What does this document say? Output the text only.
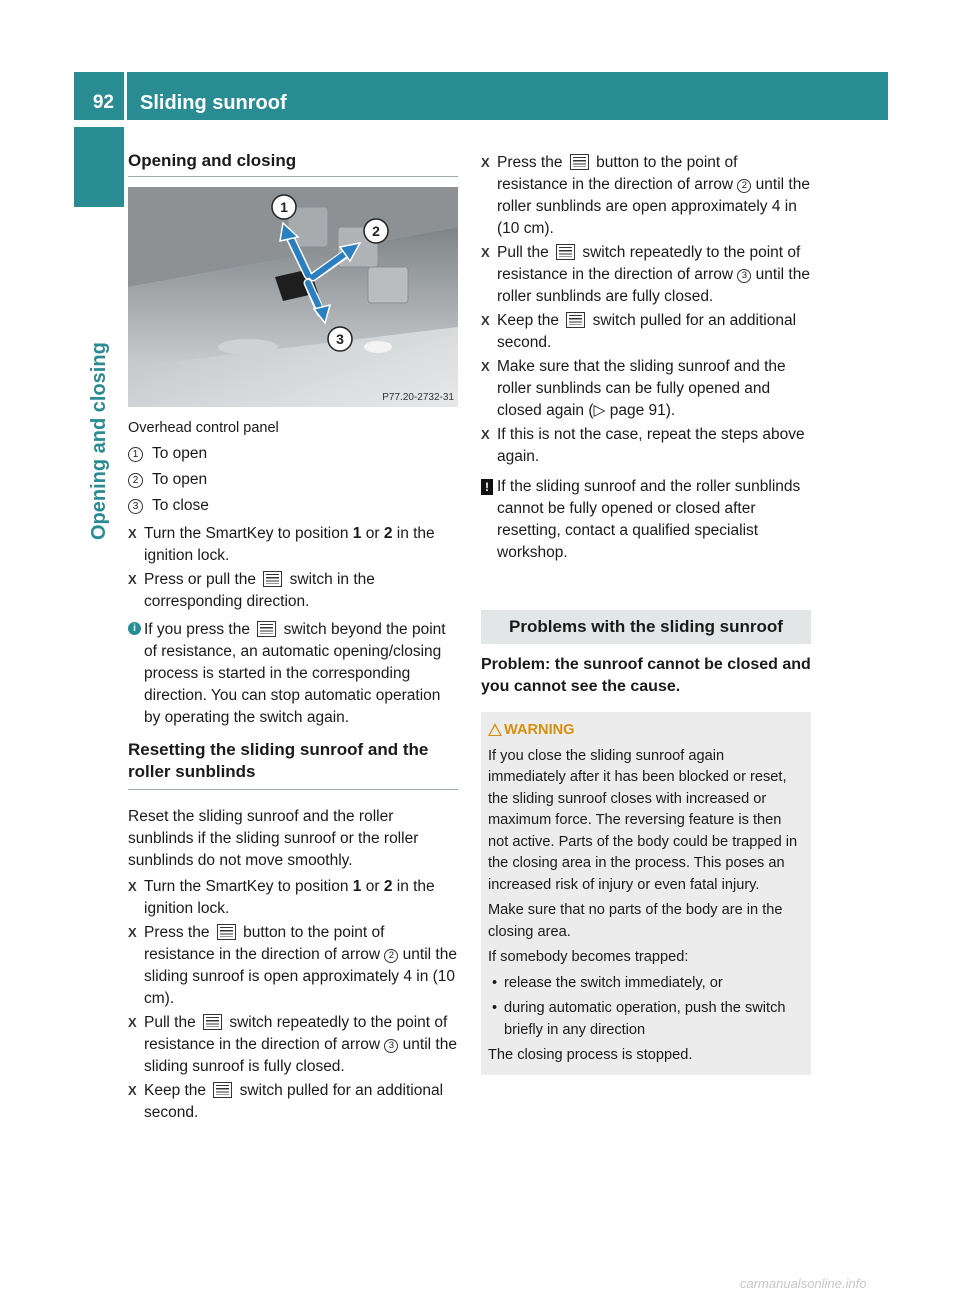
92	Sliding sunroof
Opening and closing
Opening and closing
1
2
3
P77.20-2732-31
Overhead control panel
1 To open
2 To open
3 To close
X Turn the SmartKey to position 1 or 2 in the ignition lock.
X Press or pull the  switch in the corresponding direction.
i If you press the  switch beyond the point of resistance, an automatic opening/closing process is started in the corresponding direction. You can stop automatic operation by operating the switch again.
Resetting the sliding sunroof and the roller sunblinds

Reset the sliding sunroof and the roller sunblinds if the sliding sunroof or the roller sunblinds do not move smoothly.

X Turn the SmartKey to position 1 or 2 in the ignition lock.
X Press the  button to the point of resistance in the direction of arrow 2 until the sliding sunroof is open approximately 4 in (10 cm).
X Pull the  switch repeatedly to the point of resistance in the direction of arrow 3 until the sliding sunroof is fully closed.
X Keep the  switch pulled for an additional second.
X Press the  button to the point of resistance in the direction of arrow 2 until the roller sunblinds are open approximately 4 in (10 cm).
X Pull the  switch repeatedly to the point of resistance in the direction of arrow 3 until the roller sunblinds are fully closed.
X Keep the  switch pulled for an additional second.
X Make sure that the sliding sunroof and the roller sunblinds can be fully opened and closed again (▷ page 91).
X If this is not the case, repeat the steps above again.
! If the sliding sunroof and the roller sunblinds cannot be fully opened or closed after resetting, contact a qualified specialist workshop.
Problems with the sliding sunroof
Problem: the sunroof cannot be closed and you cannot see the cause.
WARNING

If you close the sliding sunroof again immediately after it has been blocked or reset, the sliding sunroof closes with increased or maximum force. The reversing feature is then not active. Parts of the body could be trapped in the closing area in the process. This poses an increased risk of injury or even fatal injury.

Make sure that no parts of the body are in the closing area.

If somebody becomes trapped:

• release the switch immediately, or
• during automatic operation, push the switch briefly in any direction

The closing process is stopped.

carmanualsonline.info
